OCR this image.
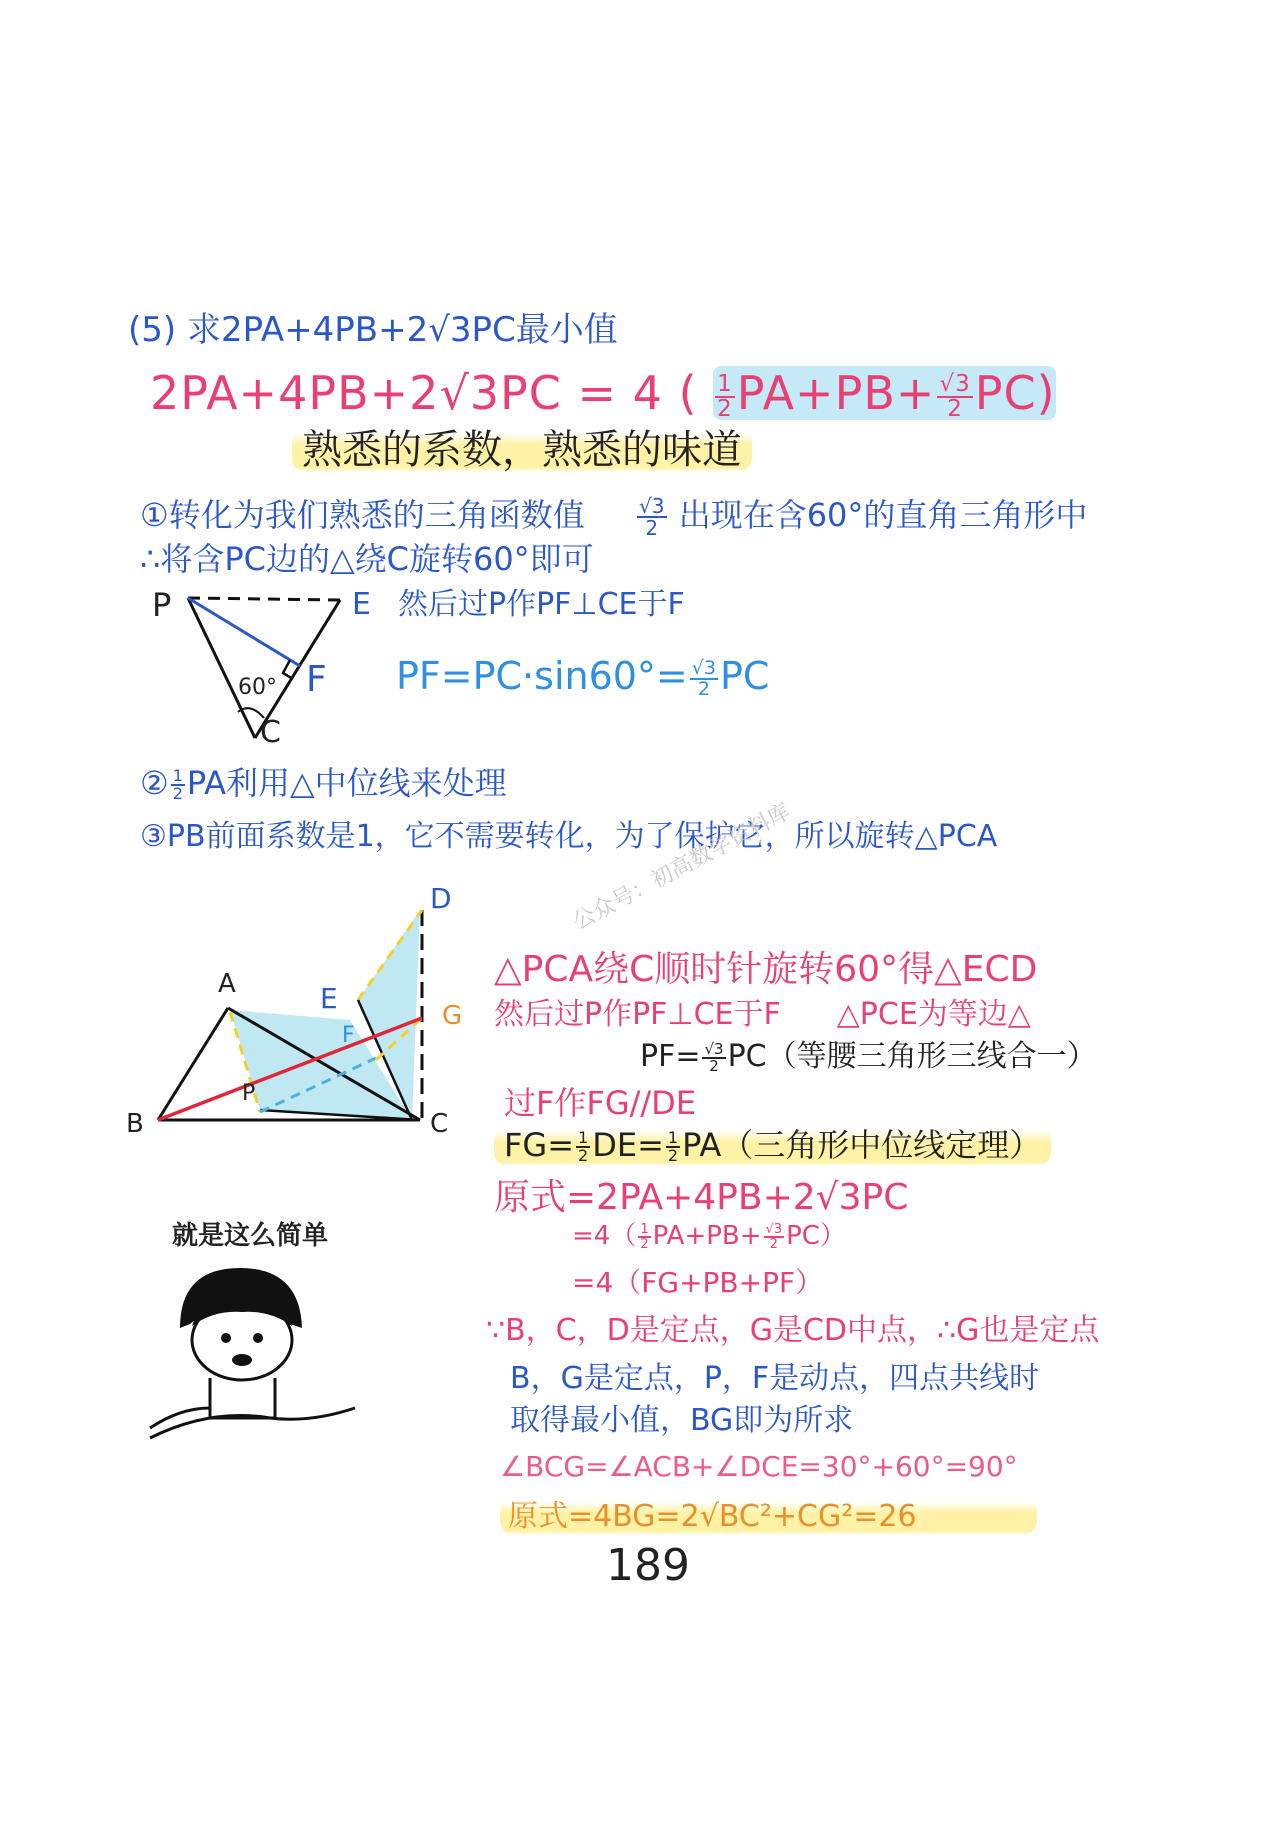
(5) 求2PA+4PB+2√3PC最小值
2PA+4PB+2√3PC = 4 ( $\frac{1}{2} PA+PB+ \frac{√3}{2} PC$)
熟悉的系数，熟悉的味道
①转化为我们熟悉的三角函数值	$\frac{√3}{2}$ 出现在含60°的直角三角形中
∴将含PC边的△绕C旋转60°即可
P	E
F
C
60°
然后过P作PF⊥CE于F
$PF=PC\cdot\sin 60^\circ= \frac{√3}{2}$ PC
② $\frac{1}{2}$ PA利用△中位线来处理
③PB前面系数是1，它不需要转化，为了保护它，所以旋转△PCA
公众号：初高数学资料库
A
B	C
D
E
F
G
P
△PCA绕C顺时针旋转60°得△ECD
然后过P作PF⊥CE于F △PCE为等边△
$PF= \frac{√3}{2} PC$（等腰三角形三线合一）
过F作FG//DE
$FG= \frac{1}{2} DE= \frac{1}{2} PA$（三角形中位线定理）
原式=2PA+4PB+2√3PC
$=4( \frac{1}{2} PA+PB+ \frac{√3}{2} PC)$
=4（FG+PB+PF）
∵B，C，D是定点，G是CD中点，∴G也是定点
B，G是定点，P，F是动点，四点共线时
取得最小值，BG即为所求
∠BCG=∠ACB+∠DCE=30°+60°=90°
原式=4BG=2√BC²+CG²=26
就是这么简单
189
